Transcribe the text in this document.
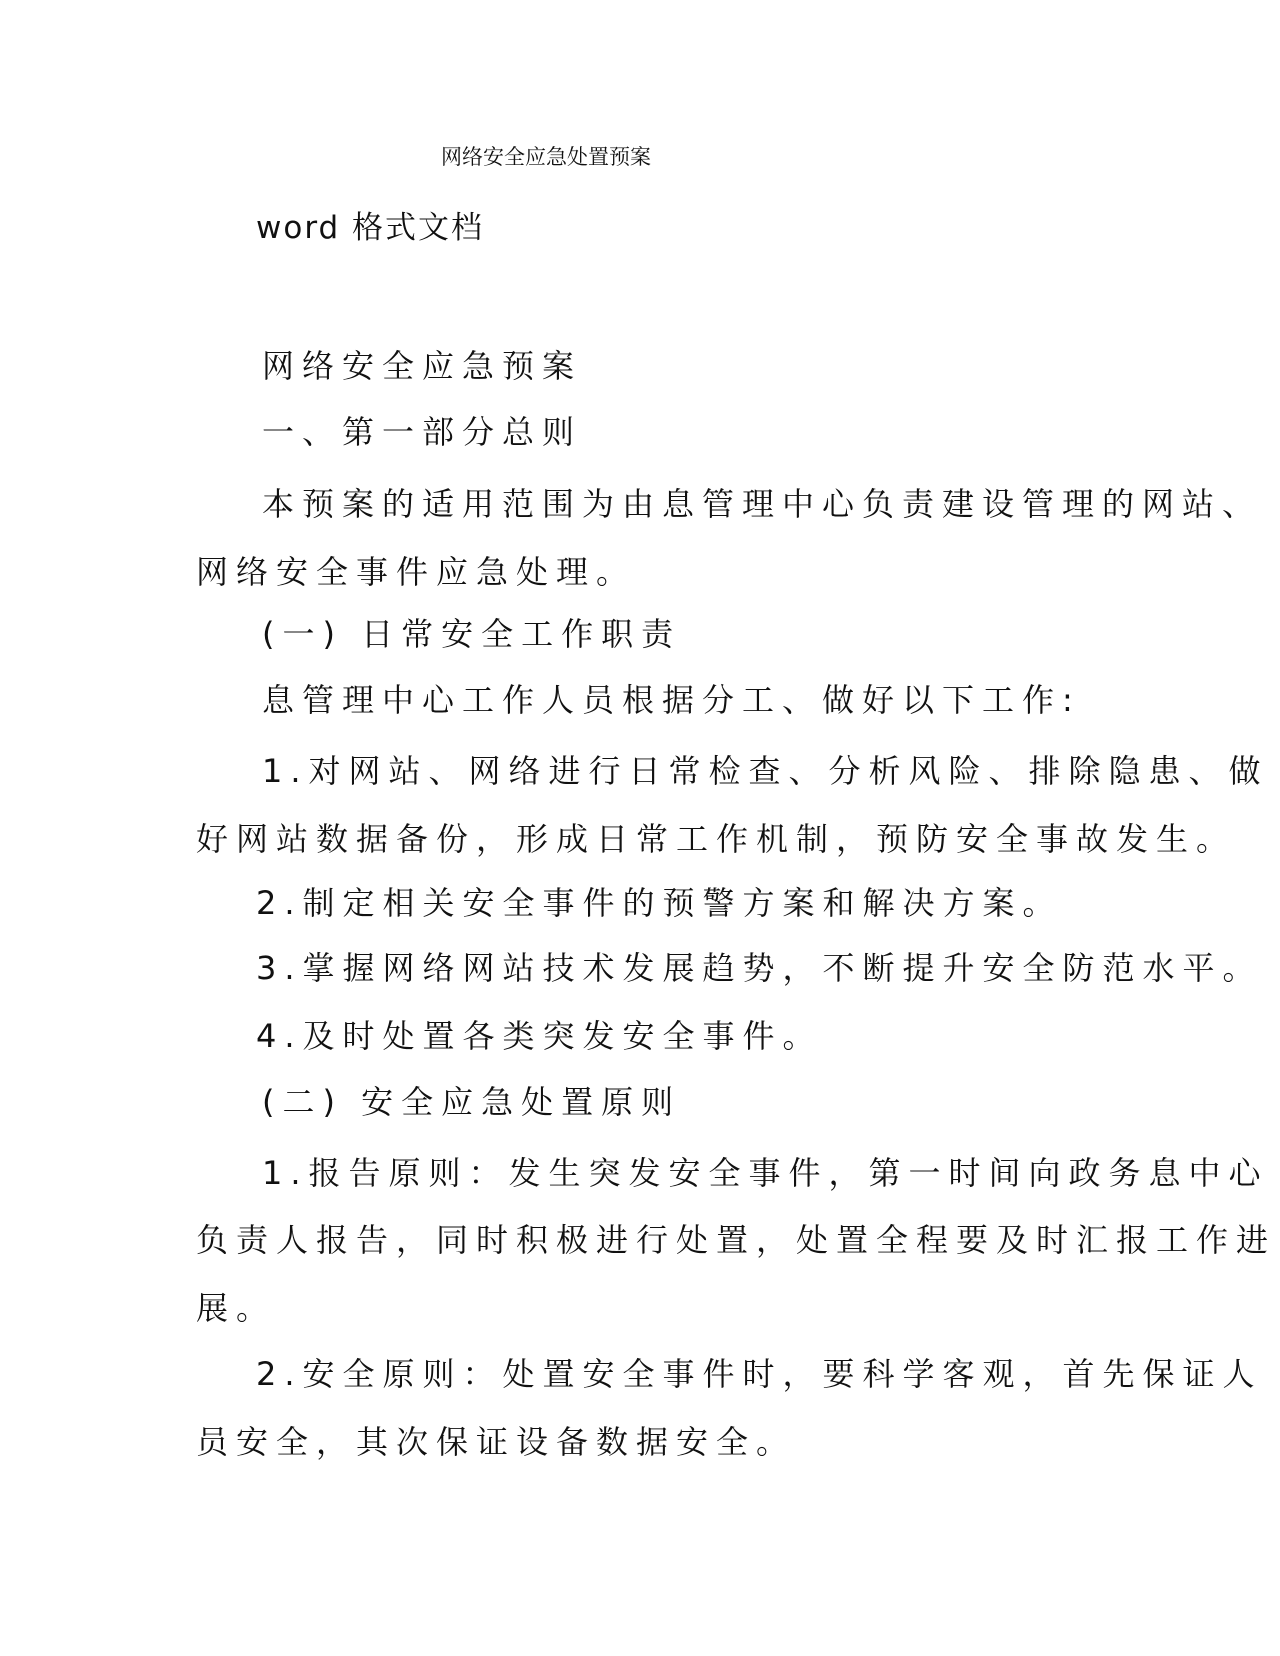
网络安全应急处置预案
word 格式文档
网络安全应急预案
一、第一部分总则
本预案的适用范围为由息管理中心负责建设管理的网站、
网络安全事件应急处理。
(一) 日常安全工作职责
息管理中心工作人员根据分工、做好以下工作:
1.对网站、网络进行日常检查、分析风险、排除隐患、做
好网站数据备份，形成日常工作机制，预防安全事故发生。
2.制定相关安全事件的预警方案和解决方案。
3.掌握网络网站技术发展趋势，不断提升安全防范水平。
4.及时处置各类突发安全事件。
(二) 安全应急处置原则
1.报告原则：发生突发安全事件，第一时间向政务息中心
负责人报告，同时积极进行处置，处置全程要及时汇报工作进
展。
2.安全原则：处置安全事件时，要科学客观，首先保证人
员安全，其次保证设备数据安全。
